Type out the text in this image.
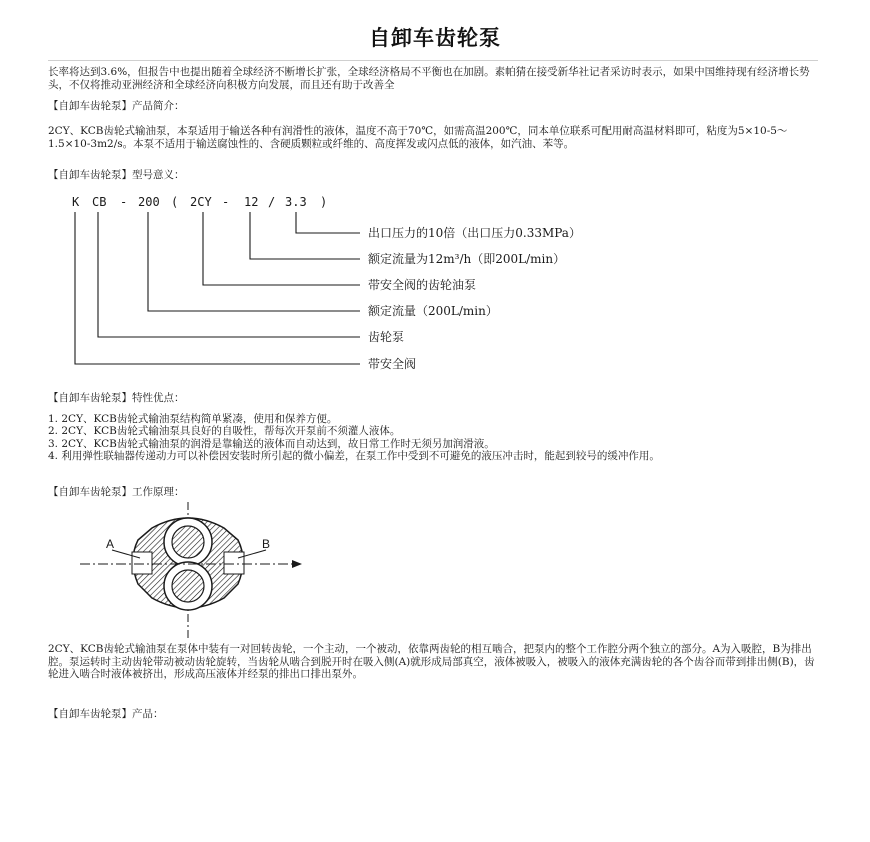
自卸车齿轮泵
长率将达到3.6%，但报告中也提出随着全球经济不断增长扩张，全球经济格局不平衡也在加剧。素帕猜在接受新华社记者采访时表示，如果中国维持现有经济增长势头，不仅将推动亚洲经济和全球经济向积极方向发展，而且还有助于改善全
【自卸车齿轮泵】产品简介：
2CY、KCB齿轮式输油泵，本泵适用于输送各种有润滑性的液体，温度不高于70℃，如需高温200℃，同本单位联系可配用耐高温材料即可，粘度为5×10-5～1.5×10-3m2/s。本泵不适用于输送腐蚀性的、含硬质颗粒或纤维的、高度挥发或闪点低的液体，如汽油、苯等。
【自卸车齿轮泵】型号意义：
K CB - 200 ( 2CY - 12 / 3.3 )
出口压力的10倍（出口压力0.33MPa）
额定流量为12m³/h（即200L/min）
带安全阀的齿轮油泵
额定流量（200L/min）
齿轮泵
带安全阀
【自卸车齿轮泵】特性优点：
1. 2CY、KCB齿轮式输油泵结构简单紧凑，使用和保养方便。
2. 2CY、KCB齿轮式输油泵具良好的自吸性，帮每次开泵前不须灌人液体。
3. 2CY、KCB齿轮式输油泵的润滑是靠输送的液体而自动达到，故日常工作时无须另加润滑液。
4. 利用弹性联轴器传递动力可以补偿因安装时所引起的微小偏差，在泵工作中受到不可避免的液压冲击时，能起到较号的缓冲作用。
【自卸车齿轮泵】工作原理：
A	B
2CY、KCB齿轮式输油泵在泵体中装有一对回转齿轮，一个主动，一个被动，依靠两齿轮的相互啮合，把泵内的整个工作腔分两个独立的部分。A为入吸腔，B为排出腔。泵运转时主动齿轮带动被动齿轮旋转，当齿轮从啮合到脱开时在吸入侧(A)就形成局部真空，液体被吸入，被吸入的液体充满齿轮的各个齿谷而带到排出侧(B)，齿轮进入啮合时液体被挤出，形成高压液体并经泵的排出口排出泵外。
【自卸车齿轮泵】产品：
